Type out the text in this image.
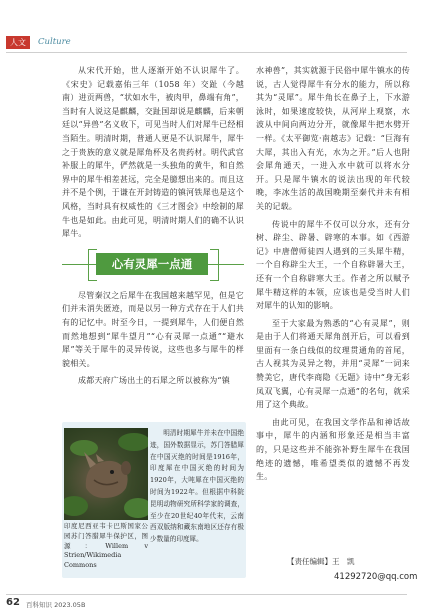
人文	Culture

从宋代开始，世人逐渐开始不认识犀牛了。《宋史》记载嘉佑三年（1058 年）交趾（今越南）进贡两兽，“状如水牛，被肉甲，鼻端有角”，当时有人说这是麒麟，交趾国却说是麒麟，后来朝廷以“异兽”名义收下，可见当时人们对犀牛已经相当陌生。明清时期，普通人更是不认识犀牛，犀牛之于贵族的意义就是犀角杯及名贵药材。明代武官补服上的犀牛，俨然就是一头独角的黄牛，和自然界中的犀牛相差甚远，完全是臆想出来的。而且这并不是个例，于谦在开封铸造的镇河铁犀也是这个风格，当时具有权威性的《三才图会》中绘制的犀牛也是如此。由此可见，明清时期人们的确不认识犀牛。

心有灵犀一点通

尽管秦汉之后犀牛在我国越来越罕见，但是它们并未消失匿迹，而是以另一种方式存在于人们共有的记忆中。时至今日，一提到犀牛，人们便自然而然地想到“犀牛望月”“心有灵犀一点通”“避水犀”等关于犀牛的灵异传说，这些也多与犀牛的样貌相关。

成都天府广场出土的石犀之所以被称为“镇

水神兽”，其实就源于民俗中犀牛镇水的传说，古人觉得犀牛有分水的能力，所以称其为“灵犀”。犀牛角长在鼻子上，下水游泳时，如果速度较快，从河岸上观察，水波从中间向两边分开，就像犀牛把水劈开一样。《太平御览·南越志》记载：“巨海有大犀，其出入有光，水为之开。”后人也附会犀角通天，一进入水中就可以将水分开。只是犀牛镇水的说法出现的年代较晚，李冰生活的战国晚期至秦代并未有相关的记载。

传说中的犀牛不仅可以分水，还有分树、辟尘、辟暑、辟寒的本事。如《西游记》中唐僧师徒四人遇到的三头犀牛精，一个自称辟尘大王，一个自称辟暑大王，还有一个自称辟寒大王。作者之所以赋予犀牛精这样的本领，应该也是受当时人们对犀牛的认知的影响。

至于大家最为熟悉的“心有灵犀”，则是由于人们将通天犀角剖开后，可以看到里面有一条白线似的纹理贯通角的首尾，古人视其为灵异之物，并用“灵犀”一词来赞美它，唐代李商隐《无题》诗中“身无彩凤双飞翼，心有灵犀一点通”的名句，就采用了这个典故。

由此可见，在我国文学作品和神话故事中，犀牛的内涵和形象还是相当丰富的，只是这些并不能弥补野生犀牛在我国绝迹的遗憾，唯希望类似的遗憾不再发生。

印度尼西亚韦卡巴斯国家公园苏门答腊犀牛保护区，图源：Willem v Strien/Wikimedia Commons
明清时期犀牛并未在中国绝迹，国外数据显示，苏门答腊犀在中国灭绝的时间是1916年，印度犀在中国灭绝的时间为1920年，大吨犀在中国灭绝的时间为1922年。但根据中科院昆明动物研究所科学家的调查，至少在20世纪40年代末，云南西双版纳和藏东南地区还存有极少数量的印度犀。
【责任编辑】王　凯
41292720@qq.com
62 百科知识 2023.05B
